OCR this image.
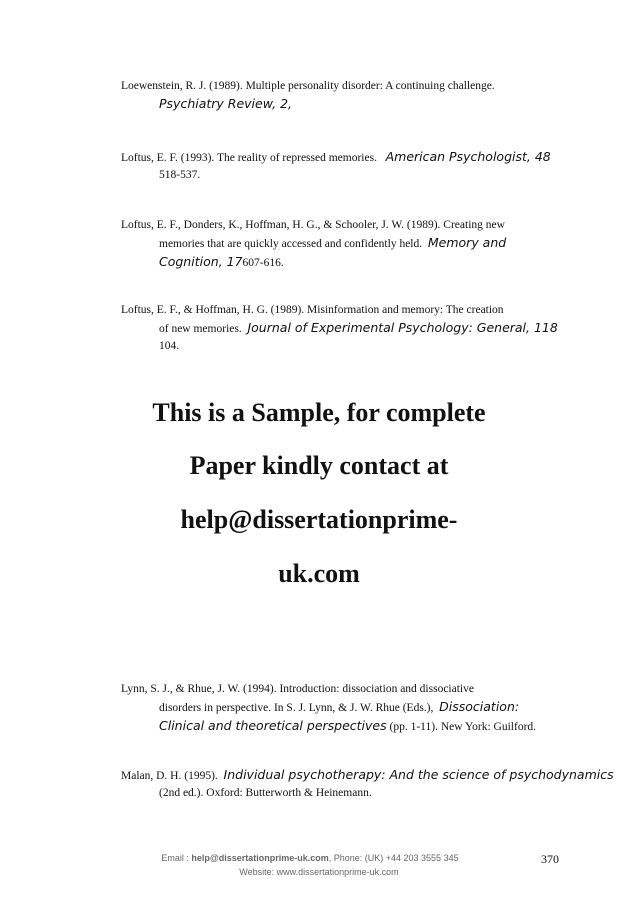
Loewenstein, R. J. (1989). Multiple personality disorder: A continuing challenge.
Psychiatry Review, 2,
Loftus, E. F. (1993). The reality of repressed memories. American Psychologist, 48
518-537.
Loftus, E. F., Donders, K., Hoffman, H. G., & Schooler, J. W. (1989). Creating new
memories that are quickly accessed and confidently held. Memory and
Cognition, 17607-616.
Loftus, E. F., & Hoffman, H. G. (1989). Misinformation and memory: The creation
of new memories. Journal of Experimental Psychology: General, 118
104.
This is a Sample, for complete
Paper kindly contact at
help@dissertationprime-
uk.com
Lynn, S. J., & Rhue, J. W. (1994). Introduction: dissociation and dissociative
disorders in perspective. In S. J. Lynn, & J. W. Rhue (Eds.), Dissociation:
Clinical and theoretical perspectives (pp. 1-11). New York: Guilford.
Malan, D. H. (1995). Individual psychotherapy: And the science of psychodynamics
(2nd ed.). Oxford: Butterworth & Heinemann.
Email : help@dissertationprime-uk.com, Phone: (UK) +44 203 3555 345
Website: www.dissertationprime-uk.com
370
